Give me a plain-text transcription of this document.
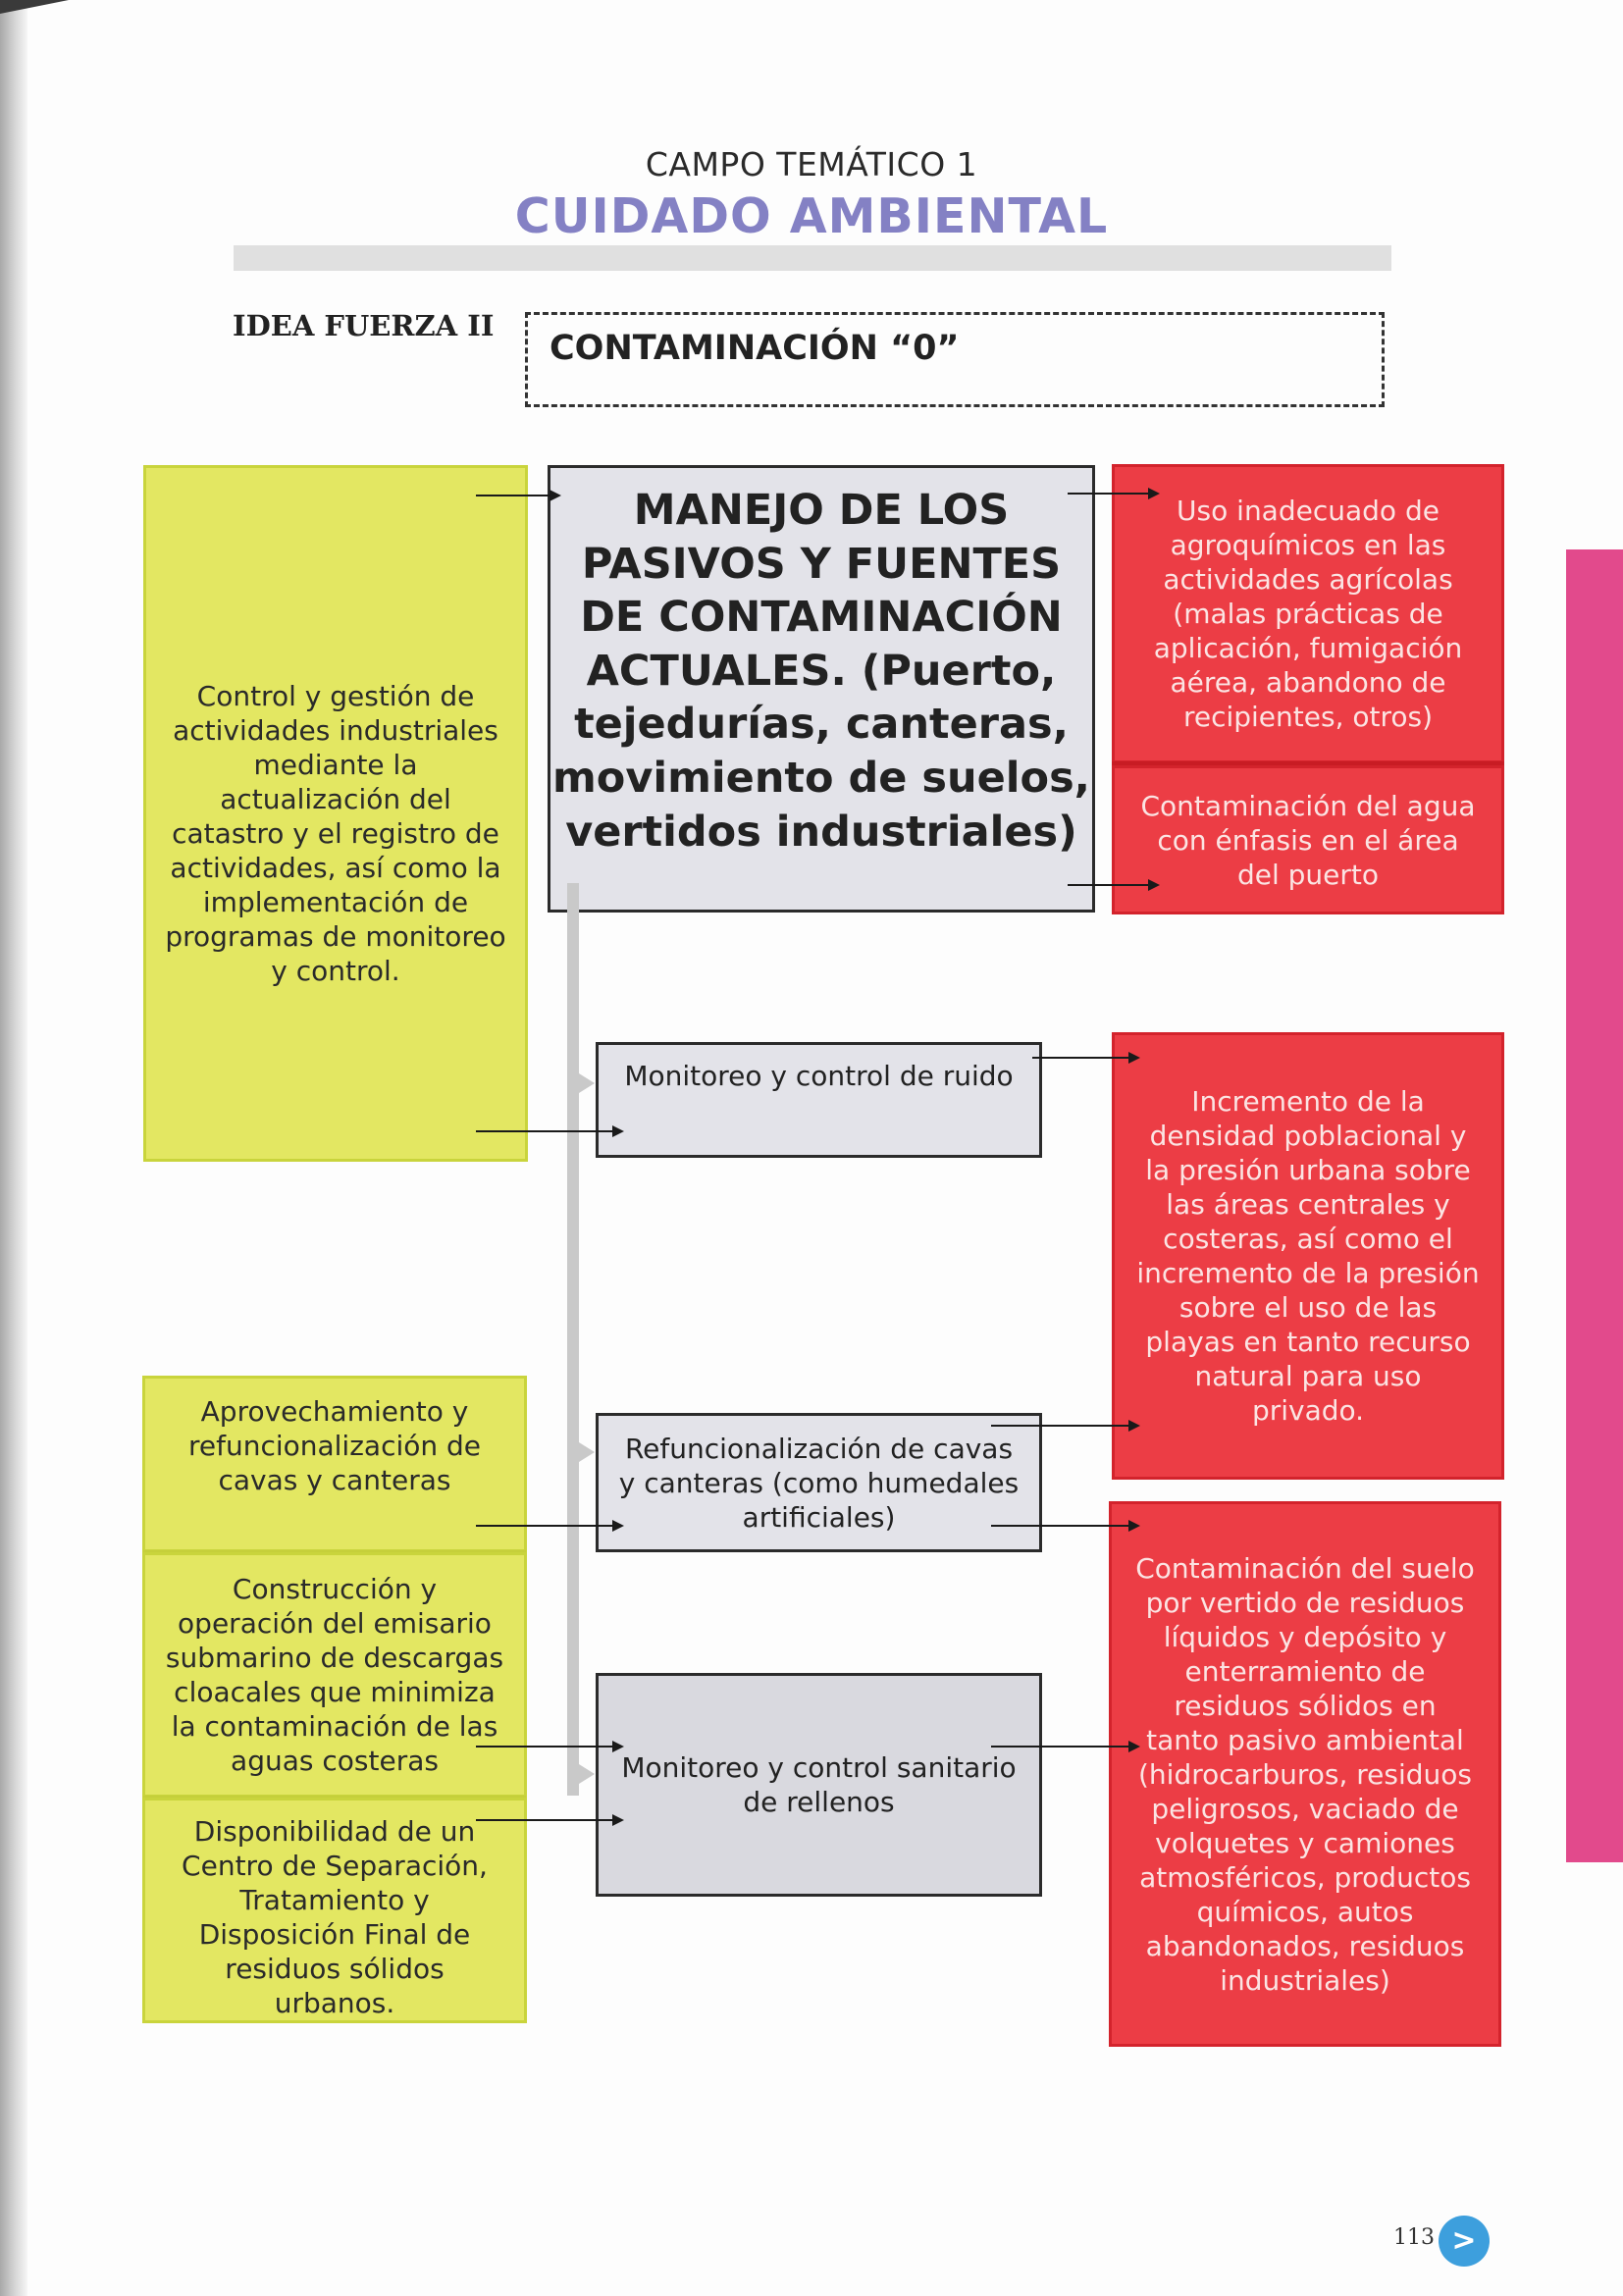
CAMPO TEMÁTICO 1
CUIDADO AMBIENTAL
IDEA FUERZA II
CONTAMINACIÓN “0”
Control y gestión de actividades industriales mediante la actualización del catastro y el registro de actividades, así como la implementación de programas de monitoreo y control.
Aprovechamiento y refuncionalización de cavas y canteras
Construcción y operación del emisario submarino de descargas cloacales que minimiza la contaminación de las aguas costeras
Disponibilidad de un Centro de Separación, Tratamiento y Disposición Final de residuos sólidos urbanos.
MANEJO DE LOS PASIVOS Y FUENTES DE CONTAMINACIÓN ACTUALES. (Puerto, tejedurías, canteras, movimiento de suelos, vertidos industriales)
Monitoreo y control de ruido
Refuncionalización de cavas y canteras (como humedales artificiales)
Monitoreo y control sanitario de rellenos
Uso inadecuado de agroquímicos en las actividades agrícolas (malas prácticas de aplicación, fumigación aérea, abandono de recipientes, otros)
Contaminación del agua con énfasis en el área del puerto
Incremento de la densidad poblacional y la presión urbana sobre las áreas centrales y costeras, así como el incremento de la presión sobre el uso de las playas en tanto recurso natural para uso privado.
Contaminación del suelo por vertido de residuos líquidos y depósito y enterramiento de residuos sólidos en tanto pasivo ambiental (hidrocarburos, residuos peligrosos, vaciado de volquetes y camiones atmosféricos, productos químicos, autos abandonados, residuos industriales)
113 >
